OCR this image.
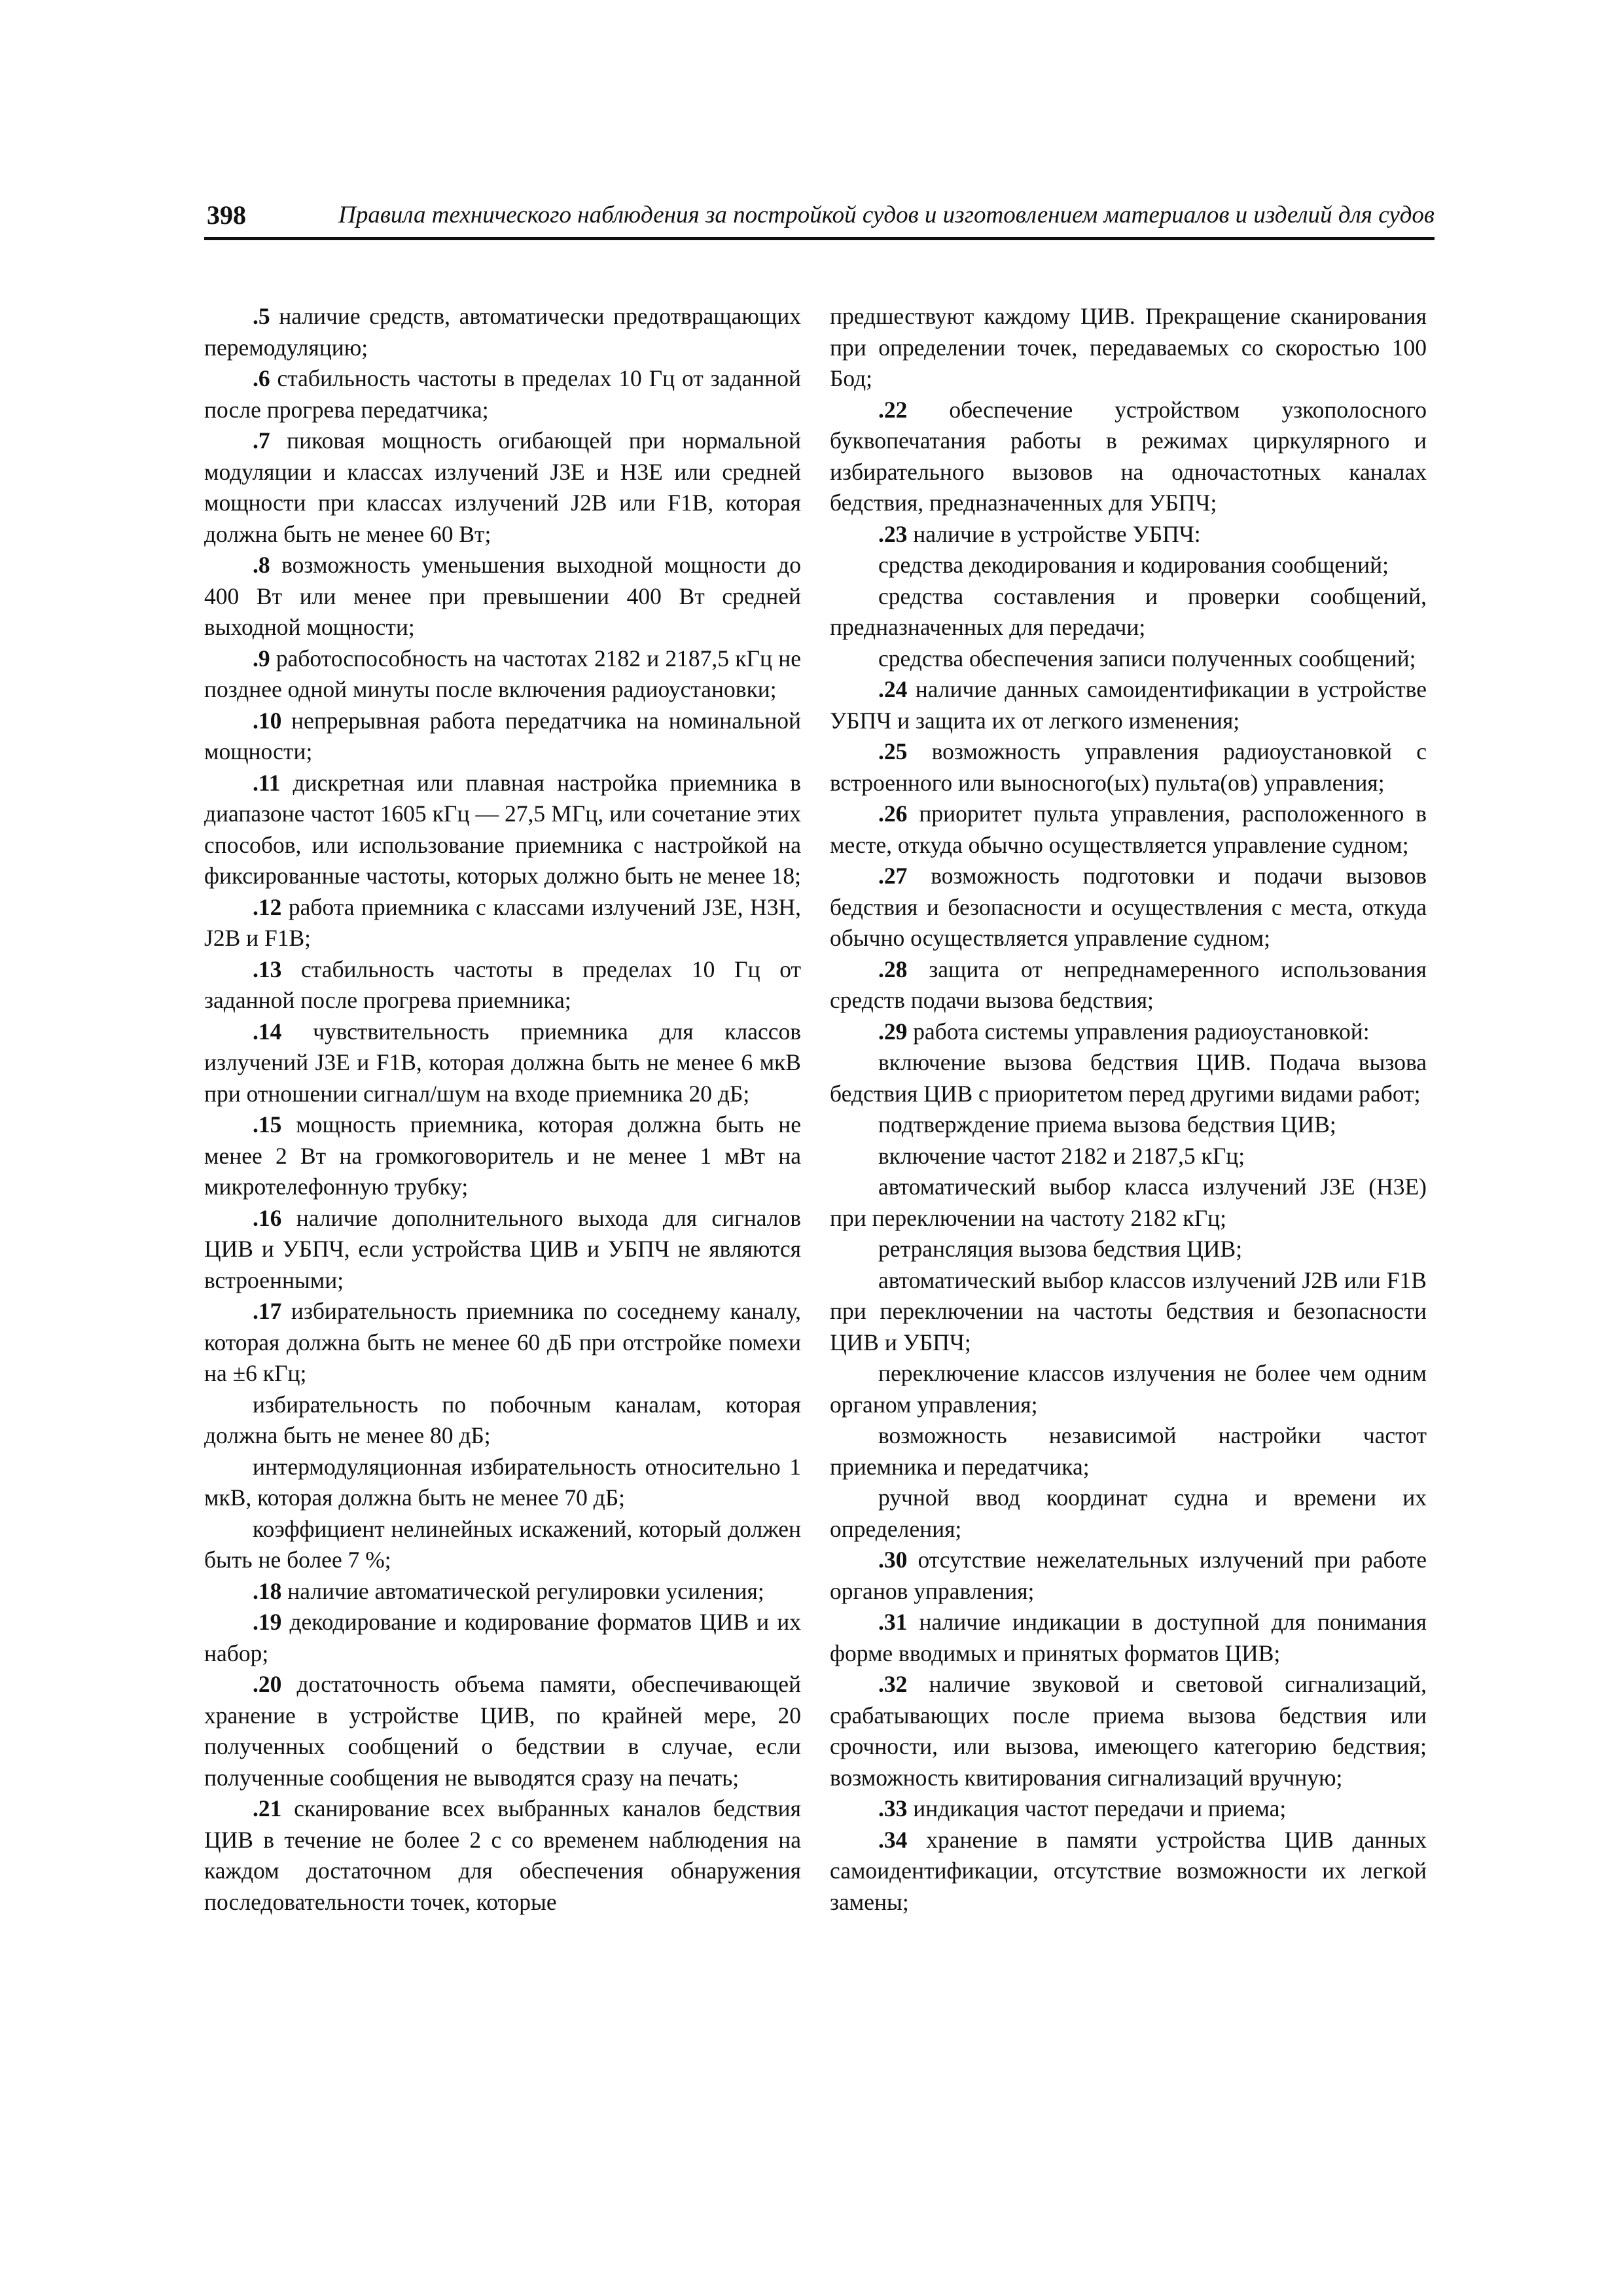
398	Правила технического наблюдения за постройкой судов и изготовлением материалов и изделий для судов

.5 наличие средств, автоматически предотвращающих перемодуляцию;

.6 стабильность частоты в пределах 10 Гц от заданной после прогрева передатчика;

.7 пиковая мощность огибающей при нормальной модуляции и классах излучений J3E и H3E или средней мощности при классах излучений J2B или F1B, которая должна быть не менее 60 Вт;

.8 возможность уменьшения выходной мощности до 400 Вт или менее при превышении 400 Вт средней выходной мощности;

.9 работоспособность на частотах 2182 и 2187,5 кГц не позднее одной минуты после включения радиоустановки;

.10 непрерывная работа передатчика на номинальной мощности;

.11 дискретная или плавная настройка приемника в диапазоне частот 1605 кГц — 27,5 МГц, или сочетание этих способов, или использование приемника с настройкой на фиксированные частоты, которых должно быть не менее 18;

.12 работа приемника с классами излучений J3E, H3H, J2B и F1B;

.13 стабильность частоты в пределах 10 Гц от заданной после прогрева приемника;

.14 чувствительность приемника для классов излучений J3E и F1B, которая должна быть не менее 6 мкВ при отношении сигнал/шум на входе приемника 20 дБ;

.15 мощность приемника, которая должна быть не менее 2 Вт на громкоговоритель и не менее 1 мВт на микротелефонную трубку;

.16 наличие дополнительного выхода для сигналов ЦИВ и УБПЧ, если устройства ЦИВ и УБПЧ не являются встроенными;

.17 избирательность приемника по соседнему каналу, которая должна быть не менее 60 дБ при отстройке помехи на ±6 кГц;

избирательность по побочным каналам, которая должна быть не менее 80 дБ;

интермодуляционная избирательность относительно 1 мкВ, которая должна быть не менее 70 дБ;

коэффициент нелинейных искажений, который должен быть не более 7 %;

.18 наличие автоматической регулировки усиления;

.19 декодирование и кодирование форматов ЦИВ и их набор;

.20 достаточность объема памяти, обеспечивающей хранение в устройстве ЦИВ, по крайней мере, 20 полученных сообщений о бедствии в случае, если полученные сообщения не выводятся сразу на печать;

.21 сканирование всех выбранных каналов бедствия ЦИВ в течение не более 2 с со временем наблюдения на каждом достаточном для обеспечения обнаружения последовательности точек, которые

предшествуют каждому ЦИВ. Прекращение сканирования при определении точек, передаваемых со скоростью 100 Бод;

.22 обеспечение устройством узкополосного буквопечатания работы в режимах циркулярного и избирательного вызовов на одночастотных каналах бедствия, предназначенных для УБПЧ;

.23 наличие в устройстве УБПЧ:

средства декодирования и кодирования сообщений;

средства составления и проверки сообщений, предназначенных для передачи;

средства обеспечения записи полученных сообщений;

.24 наличие данных самоидентификации в устройстве УБПЧ и защита их от легкого изменения;

.25 возможность управления радиоустановкой с встроенного или выносного(ых) пульта(ов) управления;

.26 приоритет пульта управления, расположенного в месте, откуда обычно осуществляется управление судном;

.27 возможность подготовки и подачи вызовов бедствия и безопасности и осуществления с места, откуда обычно осуществляется управление судном;

.28 защита от непреднамеренного использования средств подачи вызова бедствия;

.29 работа системы управления радиоустановкой:

включение вызова бедствия ЦИВ. Подача вызова бедствия ЦИВ с приоритетом перед другими видами работ;

подтверждение приема вызова бедствия ЦИВ;

включение частот 2182 и 2187,5 кГц;

автоматический выбор класса излучений J3E (H3E) при переключении на частоту 2182 кГц;

ретрансляция вызова бедствия ЦИВ;

автоматический выбор классов излучений J2B или F1B при переключении на частоты бедствия и безопасности ЦИВ и УБПЧ;

переключение классов излучения не более чем одним органом управления;

возможность независимой настройки частот приемника и передатчика;

ручной ввод координат судна и времени их определения;

.30 отсутствие нежелательных излучений при работе органов управления;

.31 наличие индикации в доступной для понимания форме вводимых и принятых форматов ЦИВ;

.32 наличие звуковой и световой сигнализаций, срабатывающих после приема вызова бедствия или срочности, или вызова, имеющего категорию бедствия; возможность квитирования сигнализаций вручную;

.33 индикация частот передачи и приема;

.34 хранение в памяти устройства ЦИВ данных самоидентификации, отсутствие возможности их легкой замены;
